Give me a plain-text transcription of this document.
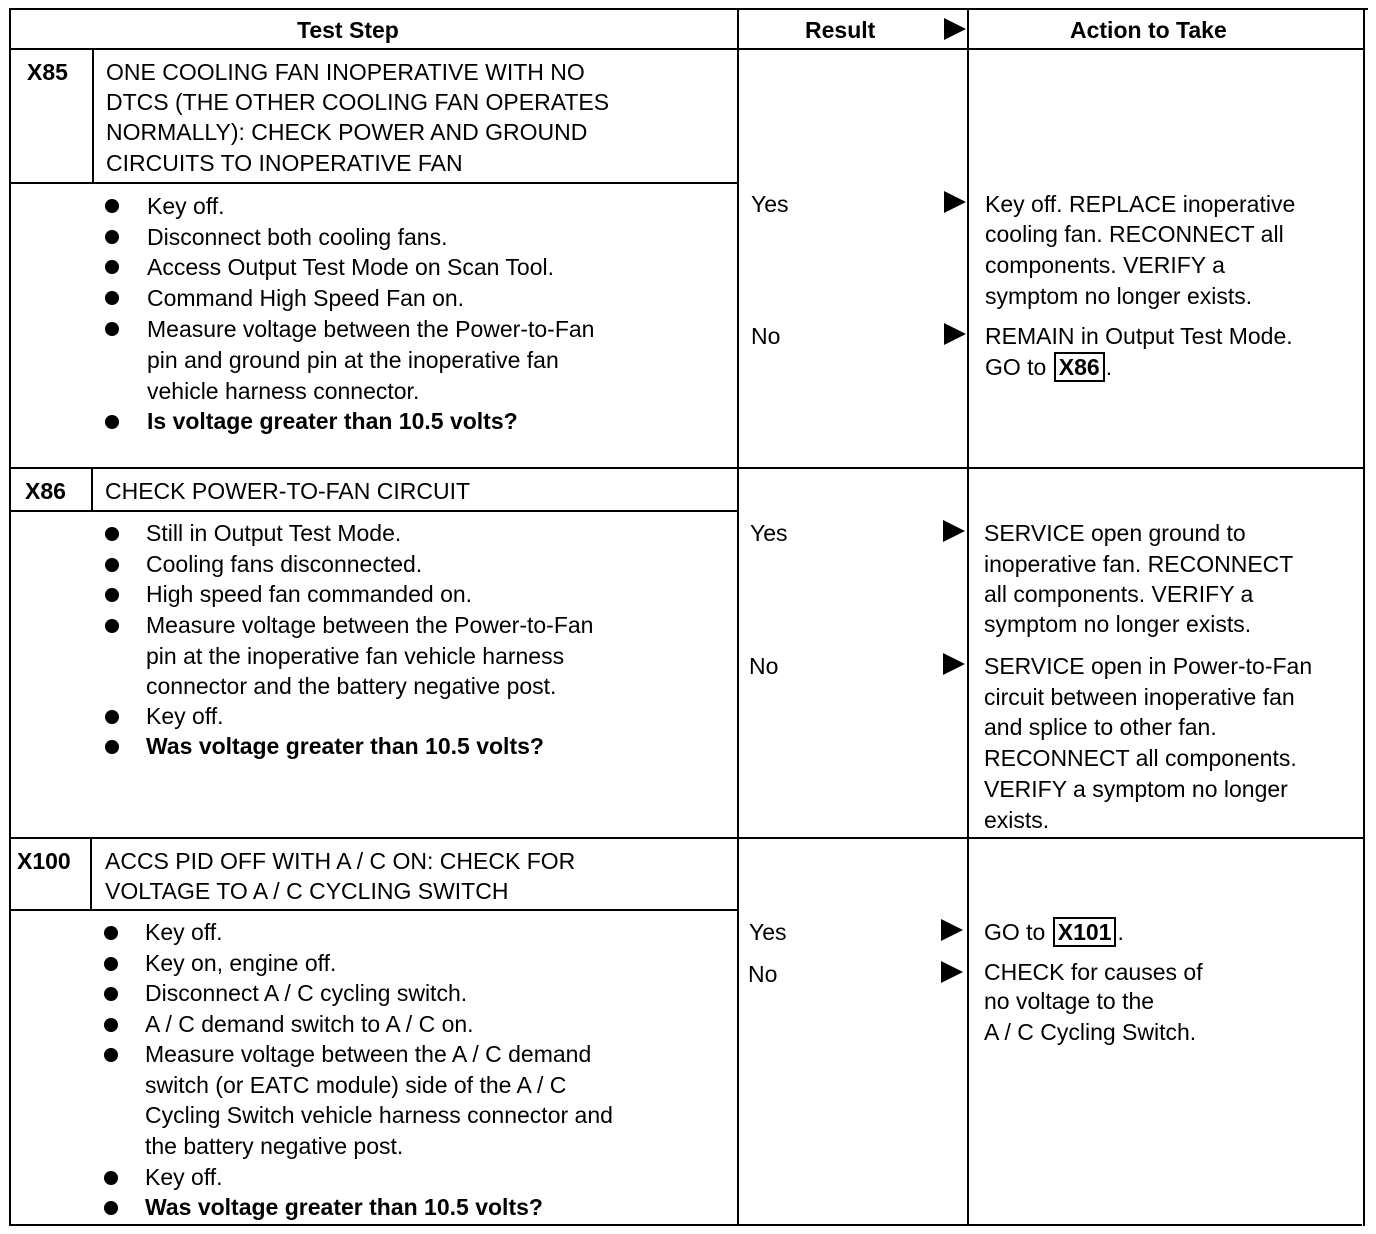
Test Step	Result	Action to Take
X85 ONE COOLING FAN INOPERATIVE WITH NO
DTCS (THE OTHER COOLING FAN OPERATES
NORMALLY): CHECK POWER AND GROUND
CIRCUITS TO INOPERATIVE FAN
Key off.
Disconnect both cooling fans.
Access Output Test Mode on Scan Tool.
Command High Speed Fan on.
Measure voltage between the Power-to-Fan
pin and ground pin at the inoperative fan
vehicle harness connector.
Is voltage greater than 10.5 volts?
Yes
No
Key off. REPLACE inoperative
cooling fan. RECONNECT all
components. VERIFY a
symptom no longer exists.
REMAIN in Output Test Mode.
GO to X86 .
X86 CHECK POWER-TO-FAN CIRCUIT
Still in Output Test Mode.
Cooling fans disconnected.
High speed fan commanded on.
Measure voltage between the Power-to-Fan
pin at the inoperative fan vehicle harness
connector and the battery negative post.
Key off.
Was voltage greater than 10.5 volts?
Yes
No
SERVICE open ground to
inoperative fan. RECONNECT
all components. VERIFY a
symptom no longer exists.
SERVICE open in Power-to-Fan
circuit between inoperative fan
and splice to other fan.
RECONNECT all components.
VERIFY a symptom no longer
exists.
X100 ACCS PID OFF WITH A / C ON: CHECK FOR
VOLTAGE TO A / C CYCLING SWITCH
Key off.
Key on, engine off.
Disconnect A / C cycling switch.
A / C demand switch to A / C on.
Measure voltage between the A / C demand
switch (or EATC module) side of the A / C
Cycling Switch vehicle harness connector and
the battery negative post.
Key off.
Was voltage greater than 10.5 volts?
Yes
No
GO to X101 .
CHECK for causes of
no voltage to the
A / C Cycling Switch.
